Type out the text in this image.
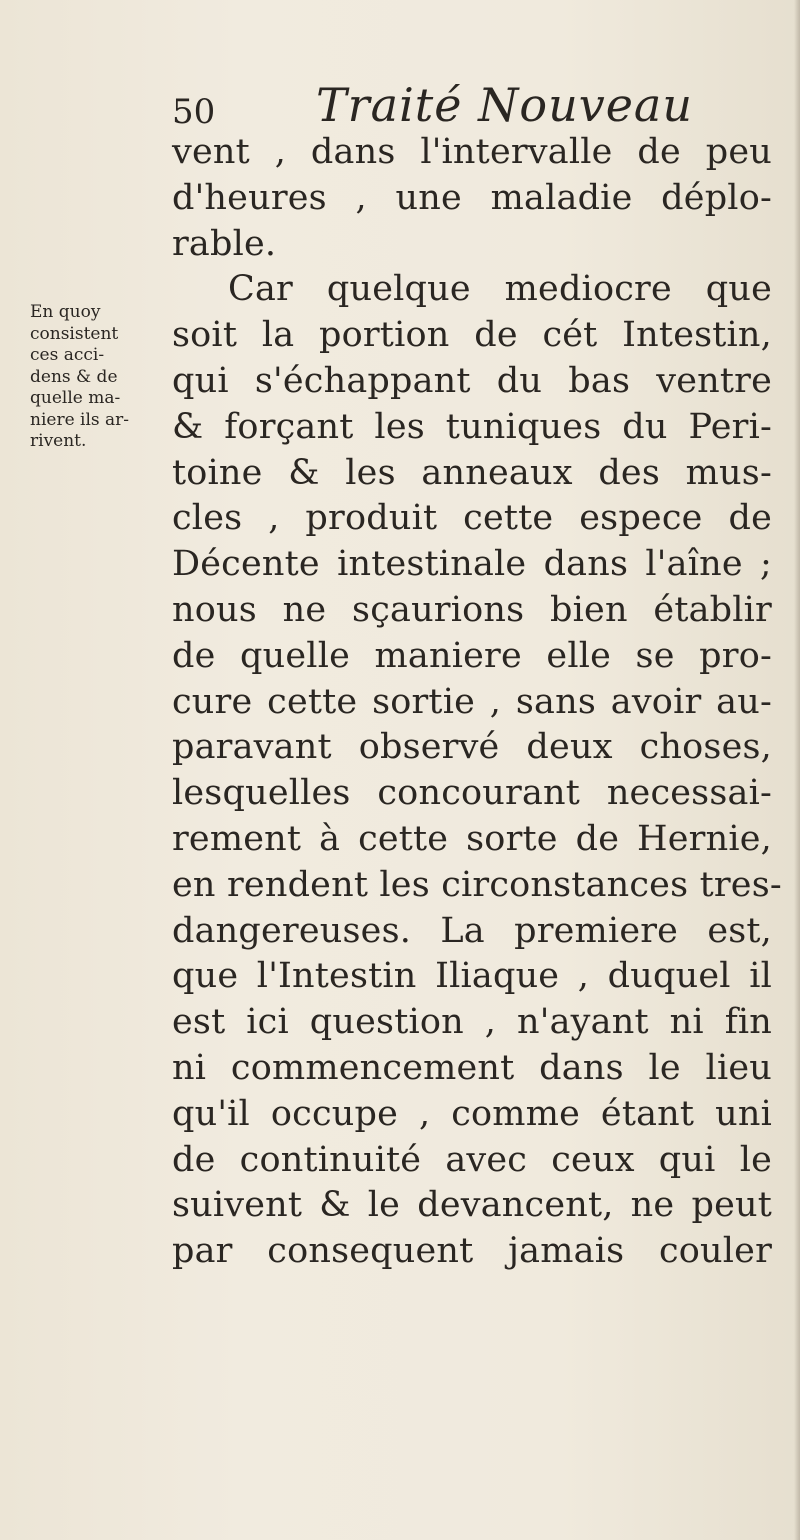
50 Traité Nouveau
En quoy
consistent
ces acci-
dens & de
quelle ma-
niere ils ar-
rivent.
vent , dans l'intervalle de peu
d'heures , une maladie déplo-
rable.
Car quelque mediocre que
soit la portion de cét Intestin,
qui s'échappant du bas ventre
& forçant les tuniques du Peri-
toine & les anneaux des mus-
cles , produit cette espece de
Décente intestinale dans l'aîne ;
nous ne sçaurions bien établir
de quelle maniere elle se pro-
cure cette sortie , sans avoir au-
paravant observé deux choses,
lesquelles concourant necessai-
rement à cette sorte de Hernie,
en rendent les circonstances tres-
dangereuses. La premiere est,
que l'Intestin Iliaque , duquel il
est ici question , n'ayant ni fin
ni commencement dans le lieu
qu'il occupe , comme étant uni
de continuité avec ceux qui le
suivent & le devancent, ne peut
par consequent jamais couler
